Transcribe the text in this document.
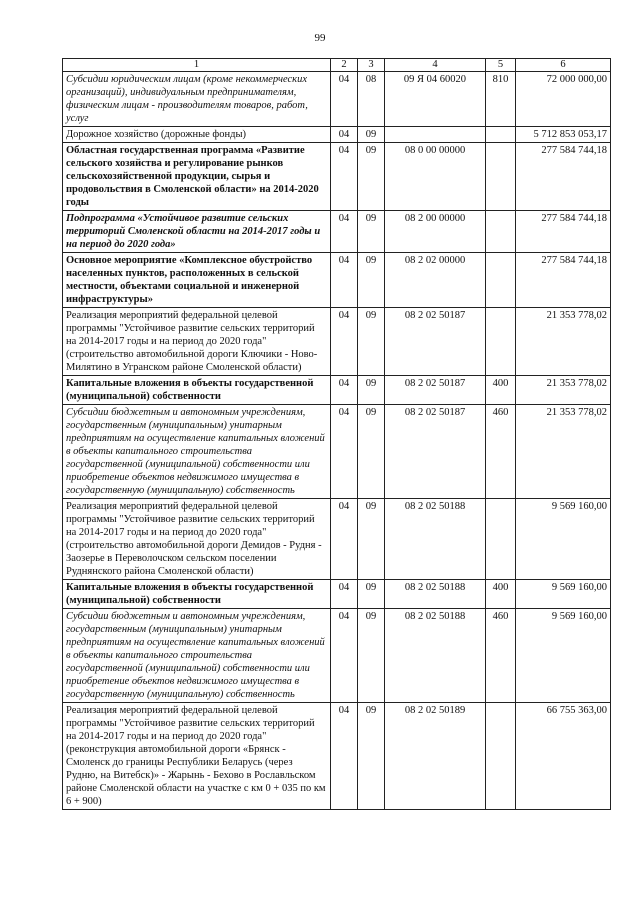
99
1	2	3	4	5	6
Субсидии юридическим лицам (кроме некоммерческих организаций), индивидуальным предпринимателям, физическим лицам - производителям товаров, работ, услуг	04	08	09 Я 04 60020	810	72 000 000,00
Дорожное хозяйство (дорожные фонды)	04	09			5 712 853 053,17
Областная государственная программа «Развитие сельского хозяйства и регулирование рынков сельскохозяйственной продукции, сырья и продовольствия в Смоленской области» на 2014-2020 годы	04	09	08 0 00 00000		277 584 744,18
Подпрограмма «Устойчивое развитие сельских территорий Смоленской области на 2014-2017 годы и на период до 2020 года»	04	09	08 2 00 00000		277 584 744,18
Основное мероприятие «Комплексное обустройство населенных пунктов, расположенных в сельской местности, объектами социальной и инженерной инфраструктуры»	04	09	08 2 02 00000		277 584 744,18
Реализация мероприятий федеральной целевой программы "Устойчивое развитие сельских территорий на 2014-2017 годы и на период до 2020 года" (строительство автомобильной дороги Ключики - Ново-Милятино в Угранском районе Смоленской области)	04	09	08 2 02 50187		21 353 778,02
Капитальные вложения в объекты государственной (муниципальной) собственности	04	09	08 2 02 50187	400	21 353 778,02
Субсидии бюджетным и автономным учреждениям, государственным (муниципальным) унитарным предприятиям на осуществление капитальных вложений в объекты капитального строительства государственной (муниципальной) собственности или приобретение объектов недвижимого имущества в государственную (муниципальную) собственность	04	09	08 2 02 50187	460	21 353 778,02
Реализация мероприятий федеральной целевой программы "Устойчивое развитие сельских территорий на 2014-2017 годы и на период до 2020 года" (строительство автомобильной дороги Демидов - Рудня - Заозерье в Переволочском сельском поселении Руднянского района Смоленской области)	04	09	08 2 02 50188		9 569 160,00
Капитальные вложения в объекты государственной (муниципальной) собственности	04	09	08 2 02 50188	400	9 569 160,00
Субсидии бюджетным и автономным учреждениям, государственным (муниципальным) унитарным предприятиям на осуществление капитальных вложений в объекты капитального строительства государственной (муниципальной) собственности или приобретение объектов недвижимого имущества в государственную (муниципальную) собственность	04	09	08 2 02 50188	460	9 569 160,00
Реализация мероприятий федеральной целевой программы "Устойчивое развитие сельских территорий на 2014-2017 годы и на период до 2020 года" (реконструкция автомобильной дороги «Брянск - Смоленск до границы Республики Беларусь (через Рудню, на Витебск)» - Жарынь - Бехово в Рославльском районе Смоленской области на участке с км 0 + 035 по км 6 + 900)	04	09	08 2 02 50189		66 755 363,00
